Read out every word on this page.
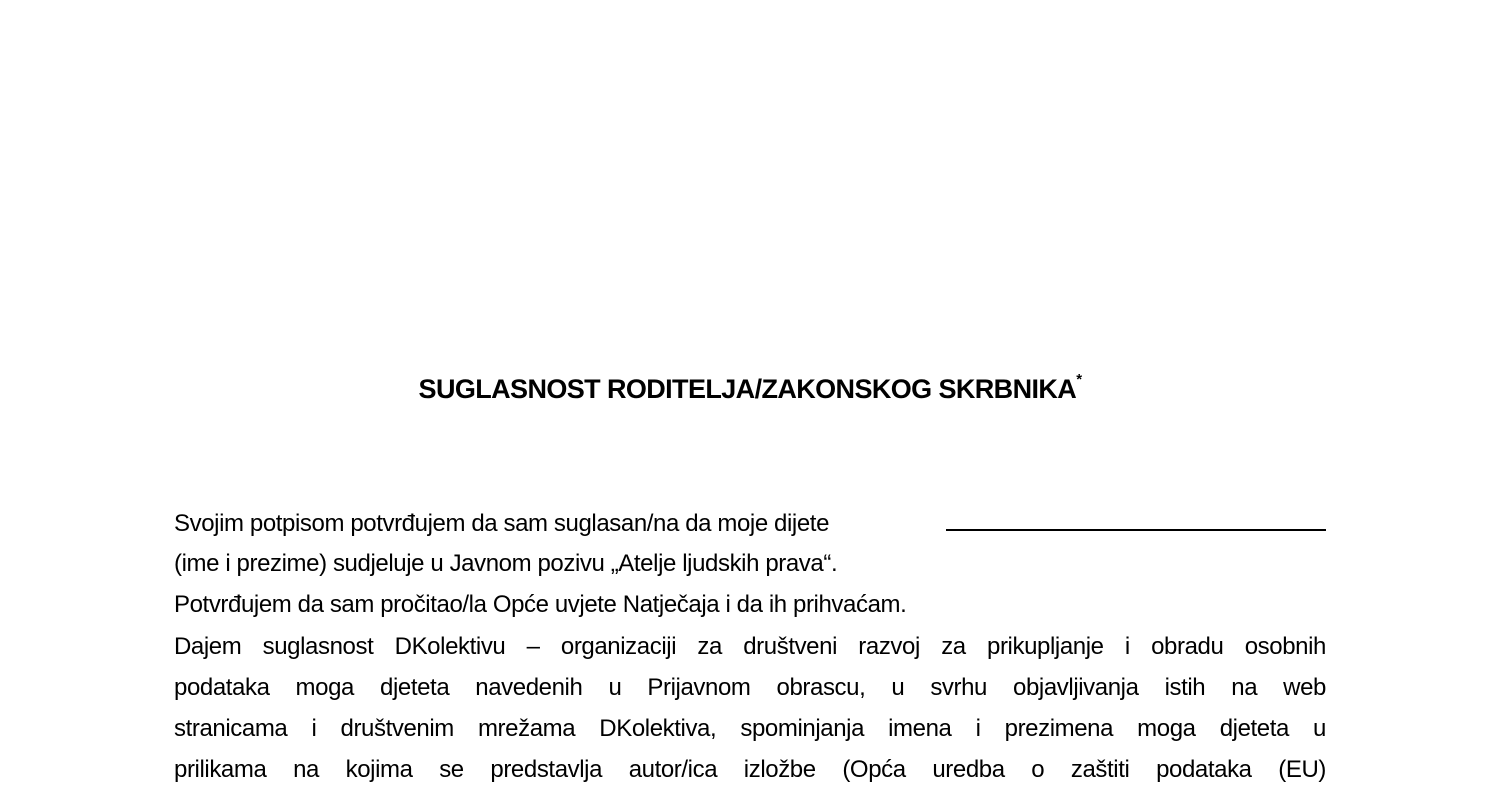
SUGLASNOST RODITELJA/ZAKONSKOG SKRBNIKA*
Svojim potpisom potvrđujem da sam suglasan/na da moje dijete
(ime i prezime) sudjeluje u Javnom pozivu „Atelje ljudskih prava“.
Potvrđujem da sam pročitao/la Opće uvjete Natječaja i da ih prihvaćam.
Dajem suglasnost DKolektivu – organizaciji za društveni razvoj za prikupljanje i obradu osobnih
podataka moga djeteta navedenih u Prijavnom obrascu, u svrhu objavljivanja istih na web
stranicama i društvenim mrežama DKolektiva, spominjanja imena i prezimena moga djeteta u
prilikama na kojima se predstavlja autor/ica izložbe (Opća uredba o zaštiti podataka (EU)
